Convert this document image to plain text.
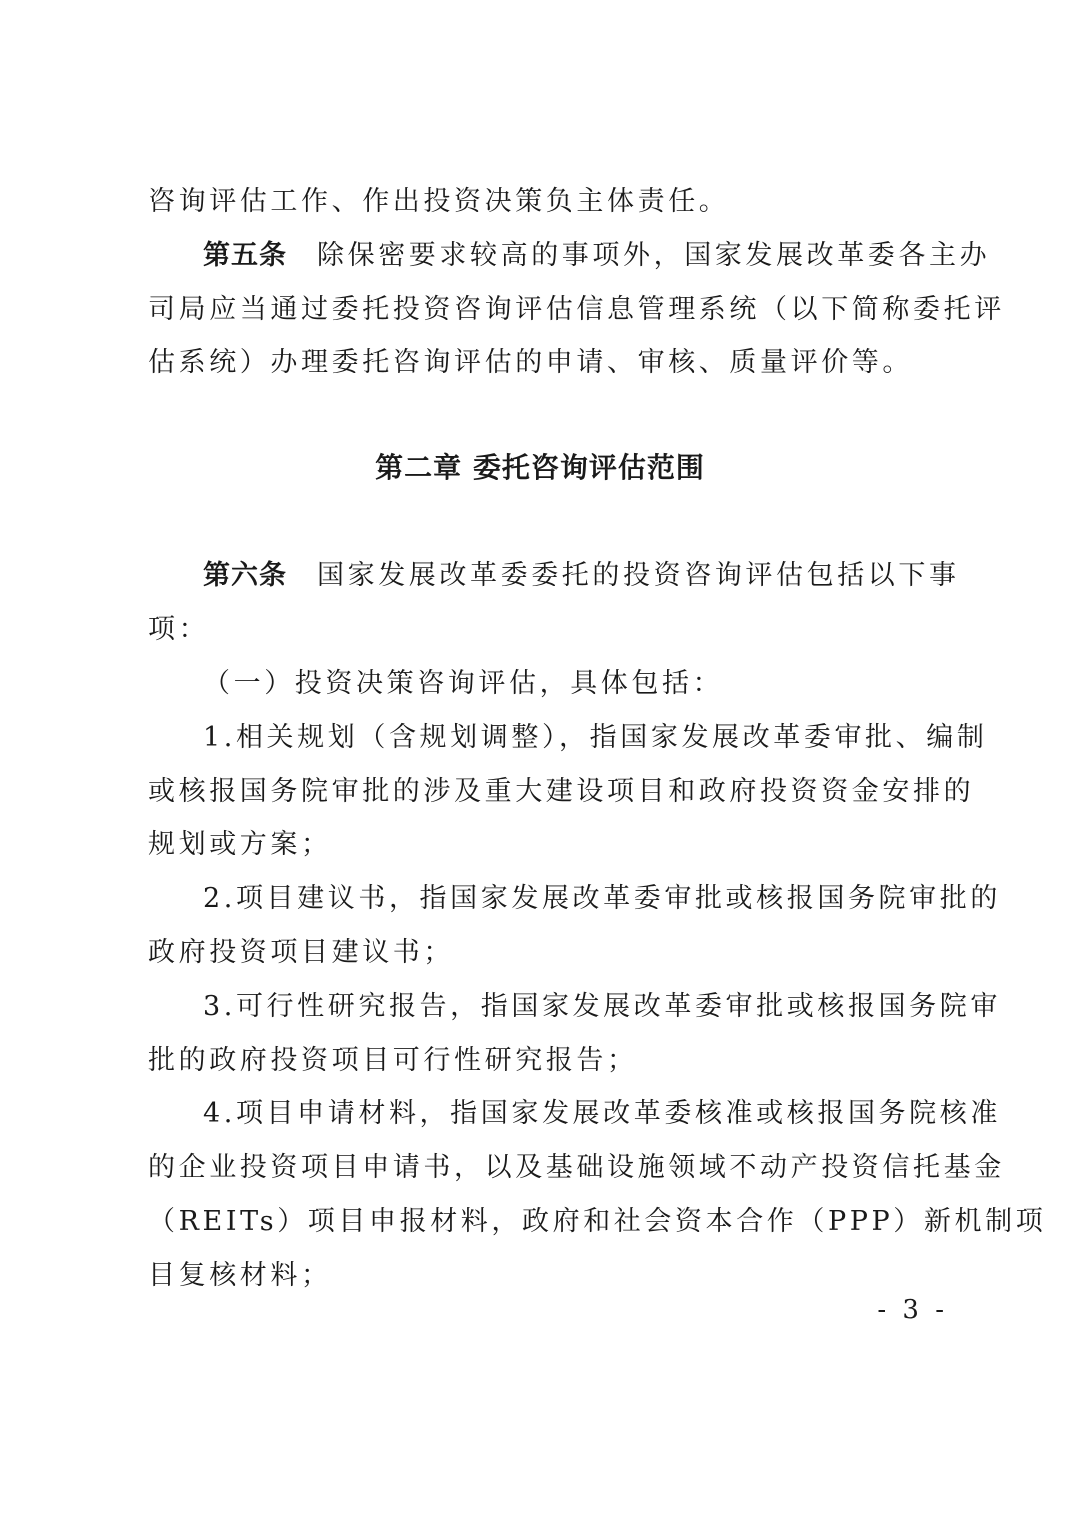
咨询评估工作、作出投资决策负主体责任。
第五条 除保密要求较高的事项外，国家发展改革委各主办
司局应当通过委托投资咨询评估信息管理系统（以下简称委托评
估系统）办理委托咨询评估的申请、审核、质量评价等。
第二章 委托咨询评估范围
第六条 国家发展改革委委托的投资咨询评估包括以下事
项：
（一）投资决策咨询评估，具体包括：
1.相关规划（含规划调整），指国家发展改革委审批、编制
或核报国务院审批的涉及重大建设项目和政府投资资金安排的
规划或方案；
2.项目建议书，指国家发展改革委审批或核报国务院审批的
政府投资项目建议书；
3.可行性研究报告，指国家发展改革委审批或核报国务院审
批的政府投资项目可行性研究报告；
4.项目申请材料，指国家发展改革委核准或核报国务院核准
的企业投资项目申请书，以及基础设施领域不动产投资信托基金
（REITs）项目申报材料，政府和社会资本合作（PPP）新机制项
目复核材料；
- 3 -
